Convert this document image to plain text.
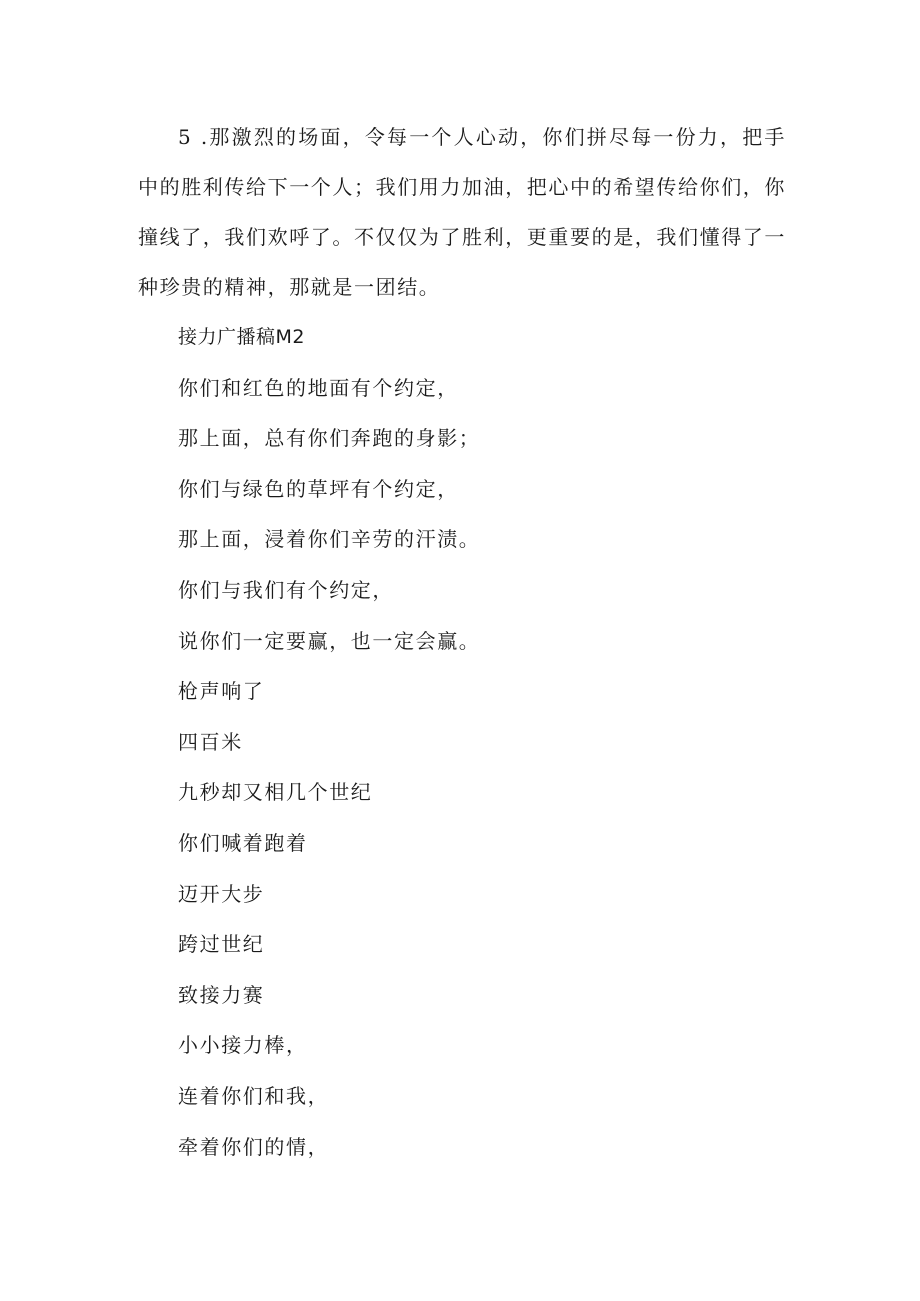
5 .那激烈的场面，令每一个人心动，你们拼尽每一份力，把手中的胜利传给下一个人；我们用力加油，把心中的希望传给你们，你撞线了，我们欢呼了。不仅仅为了胜利，更重要的是，我们懂得了一种珍贵的精神，那就是一团结。

接力广播稿M2
你们和红色的地面有个约定，
那上面，总有你们奔跑的身影；
你们与绿色的草坪有个约定，
那上面，浸着你们辛劳的汗渍。
你们与我们有个约定，
说你们一定要赢，也一定会赢。
枪声响了
四百米
九秒却又相几个世纪
你们喊着跑着
迈开大步
跨过世纪
致接力赛
小小接力棒，
连着你们和我，
牵着你们的情，
